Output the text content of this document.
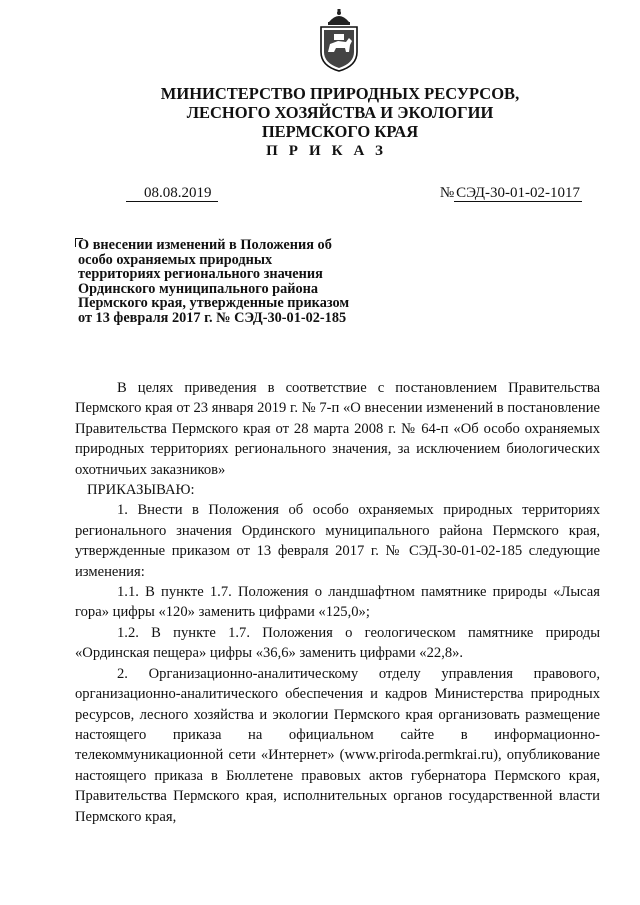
МИНИСТЕРСТВО ПРИРОДНЫХ РЕСУРСОВ,
ЛЕСНОГО ХОЗЯЙСТВА И ЭКОЛОГИИ
ПЕРМСКОГО КРАЯ
ПРИКАЗ
08.08.2019	№ СЭД-30-01-02-1017
О внесении изменений в Положения об особо охраняемых природных территориях регионального значения Ординского муниципального района Пермского края, утвержденные приказом от 13 февраля 2017 г. № СЭД-30-01-02-185

В целях приведения в соответствие с постановлением Правительства Пермского края от 23 января 2019 г. № 7-п «О внесении изменений в постановление Правительства Пермского края от 28 марта 2008 г. № 64-п «Об особо охраняемых природных территориях регионального значения, за исключением биологических охотничьих заказников»

ПРИКАЗЫВАЮ:

1. Внести в Положения об особо охраняемых природных территориях регионального значения Ординского муниципального района Пермского края, утвержденные приказом от 13 февраля 2017 г. № СЭД-30-01-02-185 следующие изменения:

1.1. В пункте 1.7. Положения о ландшафтном памятнике природы «Лысая гора» цифры «120» заменить цифрами «125,0»;

1.2. В пункте 1.7. Положения о геологическом памятнике природы «Ординская пещера» цифры «36,6» заменить цифрами «22,8».

2. Организационно-аналитическому отделу управления правового, организационно-аналитического обеспечения и кадров Министерства природных ресурсов, лесного хозяйства и экологии Пермского края организовать размещение настоящего приказа на официальном сайте в информационно-телекоммуникационной сети «Интернет» (www.priroda.permkrai.ru), опубликование настоящего приказа в Бюллетене правовых актов губернатора Пермского края, Правительства Пермского края, исполнительных органов государственной власти Пермского края,
